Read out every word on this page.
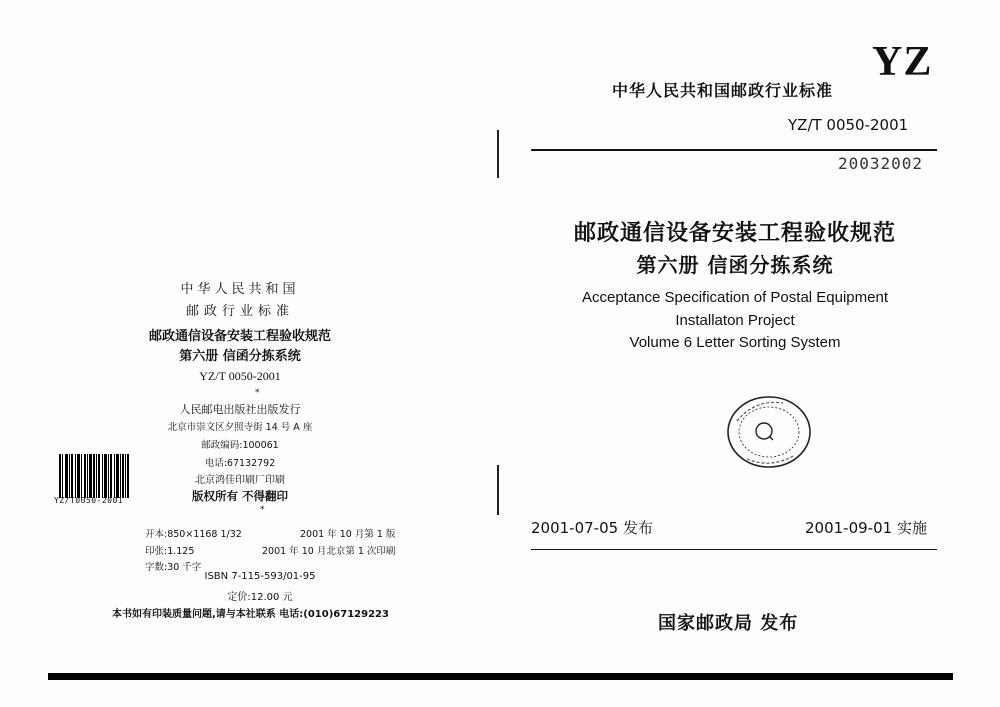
中华人民共和国
邮政行业标准
邮政通信设备安装工程验收规范
第六册 信函分拣系统
YZ/T 0050-2001
*
人民邮电出版社出版发行
北京市崇文区夕照寺街 14 号 A 座
邮政编码:100061
电话:67132792
北京鸿佳印刷厂印刷
版权所有 不得翻印
*
开本:850×1168 1/32	2001 年 10 月第 1 版
印张:1.125	2001 年 10 月北京第 1 次印刷
字数:30 千字
ISBN 7-115-593/01-95
定价:12.00 元
本书如有印装质量问题,请与本社联系 电话:(010)67129223
YZ/T0050-2001
YZ
中华人民共和国邮政行业标准
YZ/T 0050-2001
20032002
邮政通信设备安装工程验收规范
第六册 信函分拣系统
Acceptance Specification of Postal Equipment
Installaton Project
Volume 6 Letter Sorting System
2001-07-05 发布	2001-09-01 实施
国家邮政局 发布
